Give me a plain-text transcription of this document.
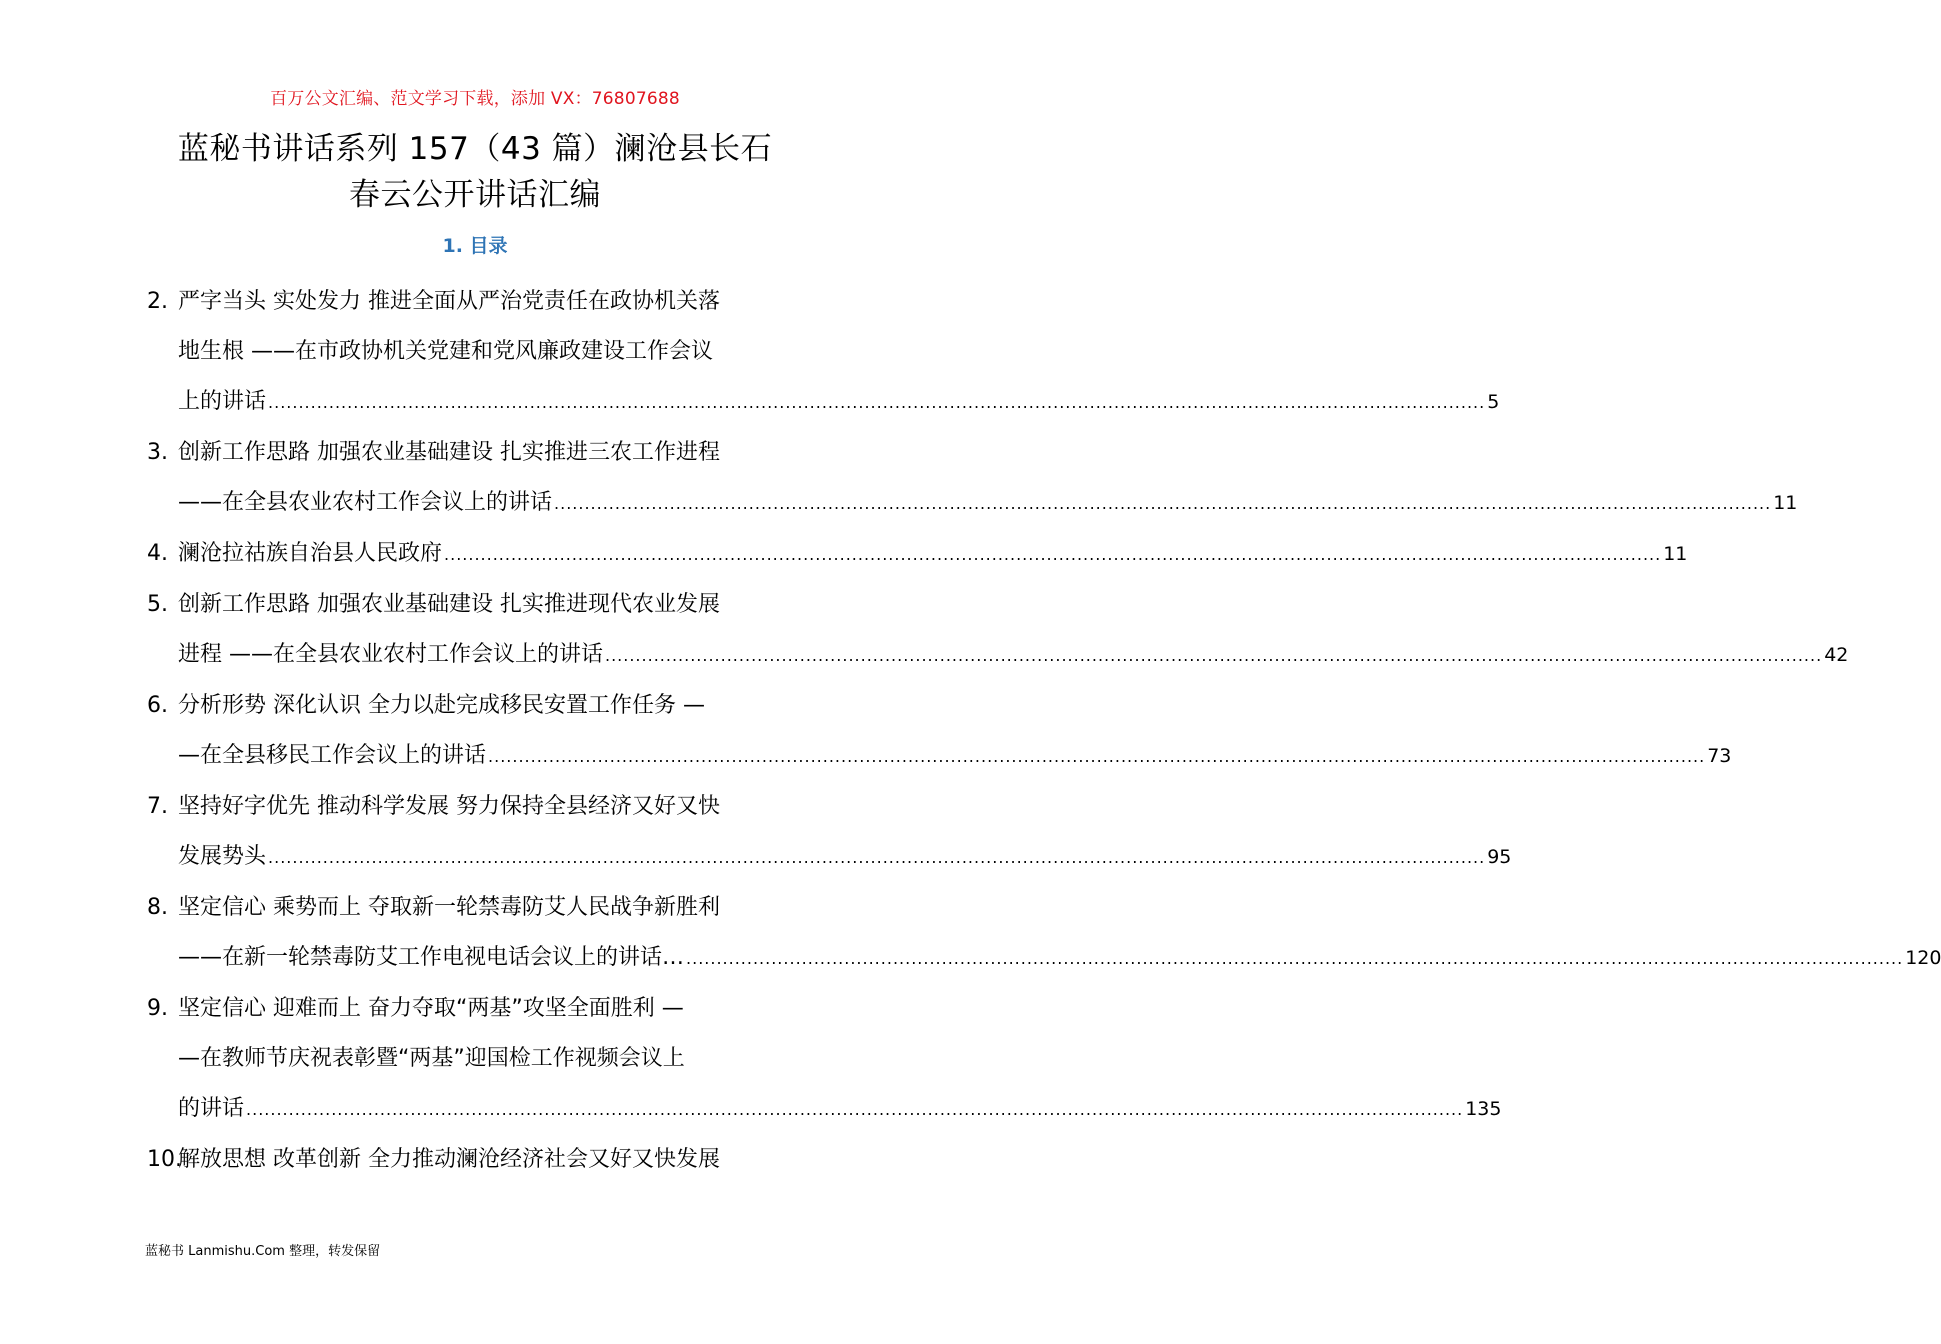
百万公文汇编、范文学习下载，添加 VX：76807688
蓝秘书讲话系列 157（43 篇）澜沧县长石
春云公开讲话汇编
1. 目录
2. 严字当头 实处发力 推进全面从严治党责任在政协机关落
地生根 ——在市政协机关党建和党风廉政建设工作会议
上的讲话 ........................................................................................................................................................................................................ 5
3. 创新工作思路 加强农业基础建设 扎实推进三农工作进程
——在全县农业农村工作会议上的讲话 ........................................................................................................................................................................................................ 11
4. 澜沧拉祜族自治县人民政府 ........................................................................................................................................................................................................ 11
5. 创新工作思路 加强农业基础建设 扎实推进现代农业发展
进程 ——在全县农业农村工作会议上的讲话 ........................................................................................................................................................................................................ 42
6. 分析形势 深化认识 全力以赴完成移民安置工作任务 —
—在全县移民工作会议上的讲话 ........................................................................................................................................................................................................ 73
7. 坚持好字优先 推动科学发展 努力保持全县经济又好又快
发展势头 ........................................................................................................................................................................................................ 95
8. 坚定信心 乘势而上 夺取新一轮禁毒防艾人民战争新胜利
——在新一轮禁毒防艾工作电视电话会议上的讲话… ........................................................................................................................................................................................................ 120
9. 坚定信心 迎难而上 奋力夺取“两基”攻坚全面胜利 —
—在教师节庆祝表彰暨“两基”迎国检工作视频会议上
的讲话 ........................................................................................................................................................................................................ 135
10.
解放思想 改革创新 全力推动澜沧经济社会又好又快发展
蓝秘书 Lanmishu.Com 整理，转发保留
